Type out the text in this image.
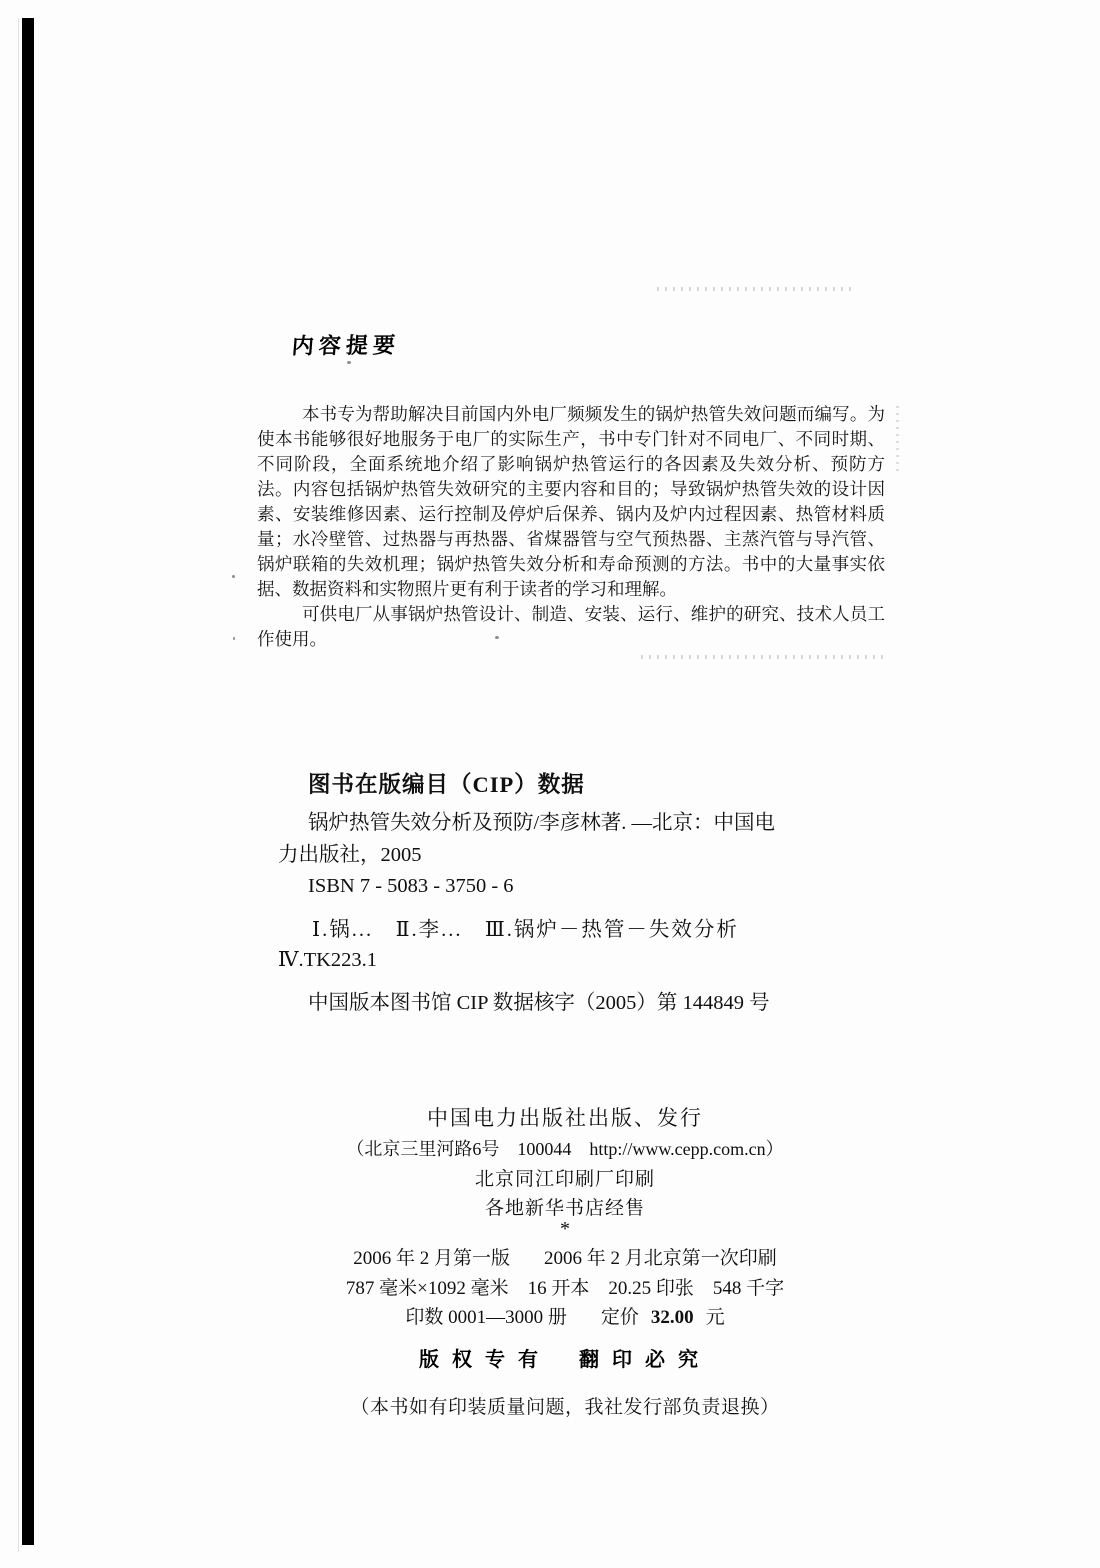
内容提要

本书专为帮助解决目前国内外电厂频频发生的锅炉热管失效问题而编写。为使本书能够很好地服务于电厂的实际生产，书中专门针对不同电厂、不同时期、不同阶段，全面系统地介绍了影响锅炉热管运行的各因素及失效分析、预防方法。内容包括锅炉热管失效研究的主要内容和目的；导致锅炉热管失效的设计因素、安装维修因素、运行控制及停炉后保养、锅内及炉内过程因素、热管材料质量；水冷壁管、过热器与再热器、省煤器管与空气预热器、主蒸汽管与导汽管、锅炉联箱的失效机理；锅炉热管失效分析和寿命预测的方法。书中的大量事实依据、数据资料和实物照片更有利于读者的学习和理解。

可供电厂从事锅炉热管设计、制造、安装、运行、维护的研究、技术人员工作使用。

图书在版编目（CIP）数据

锅炉热管失效分析及预防/李彦林著. —北京：中国电

力出版社，2005

ISBN 7 - 5083 - 3750 - 6

Ⅰ.锅...　Ⅱ.李...　Ⅲ.锅炉－热管－失效分析

Ⅳ.TK223.1

中国版本图书馆 CIP 数据核字（2005）第 144849 号

中国电力出版社出版、发行

（北京三里河路6号　100044　http://www.cepp.com.cn）

北京同江印刷厂印刷

各地新华书店经售

*

2006 年 2 月第一版 2006 年 2 月北京第一次印刷

787 毫米×1092 毫米　16 开本　20.25 印张　548 千字

印数 0001—3000 册 定价 32.00 元

版权专有 翻印必究

（本书如有印装质量问题，我社发行部负责退换）
